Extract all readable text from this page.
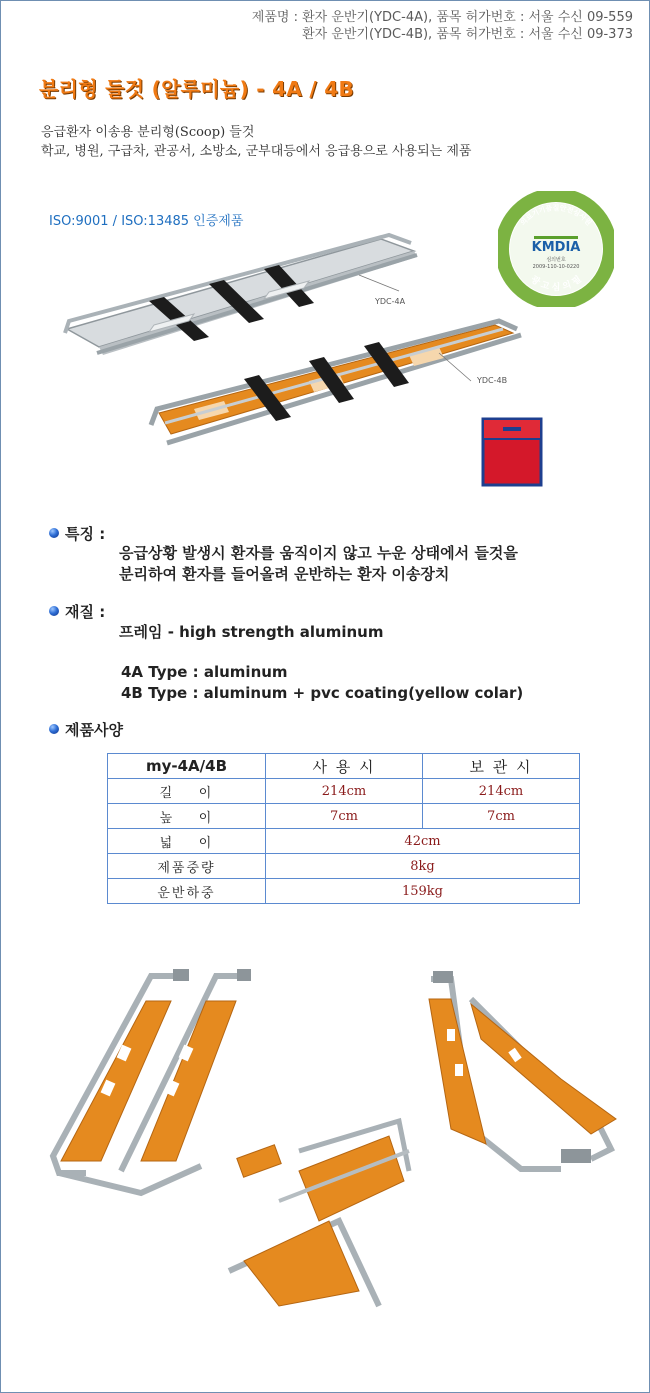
제품명 : 환자 운반기(YDC-4A), 품목 허가번호 : 서울 수신 09-559
환자 운반기(YDC-4B), 품목 허가번호 : 서울 수신 09-373
분리형 들것 (알루미늄) - 4A / 4B
응급환자 이송용 분리형(Scoop) 들것
학교, 병원, 구급차, 관공서, 소방소, 군부대등에서 응급용으로 사용되는 제품
ISO:9001 / ISO:13485 인증제품	의료기기품질안전심사원
KMDIA
심의번호
2009-110-10-0220
광 고 심 의 필
YDC-4A
YDC-4B
특징 :
응급상황 발생시 환자를 움직이지 않고 누운 상태에서 들것을
분리하여 환자를 들어올려 운반하는 환자 이송장치
재질 :
프레임 - high strength aluminum
4A Type : aluminum
4B Type : aluminum + pvc coating(yellow colar)
제품사양
my-4A/4B	사 용 시	보 관 시
길    이	214cm	214cm
높    이	7cm	7cm
넓    이	42cm	
제품중량	8kg	
운반하중	159kg	
